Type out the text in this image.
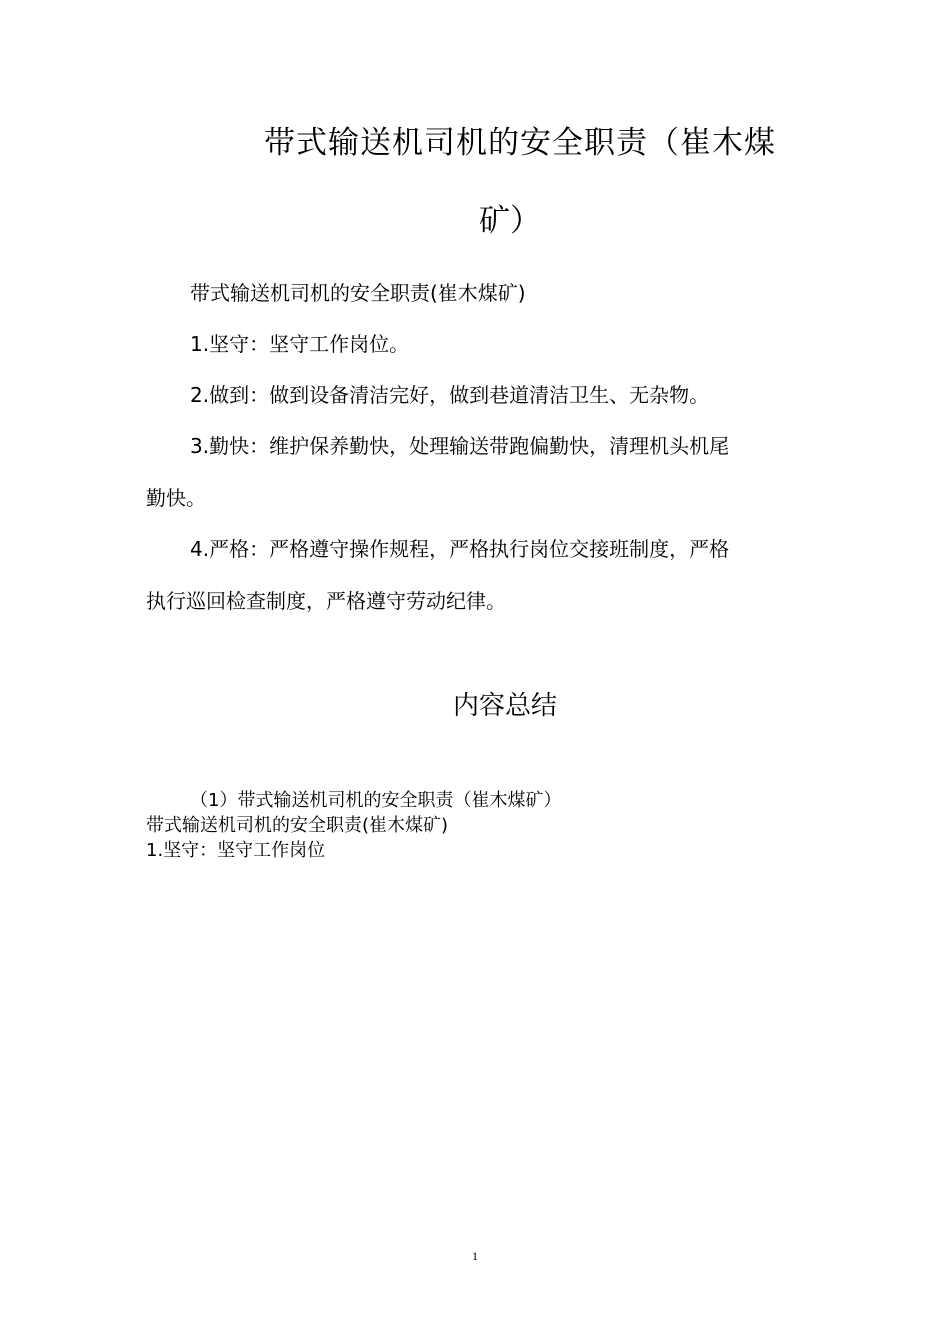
带式输送机司机的安全职责（崔木煤
矿）

带式输送机司机的安全职责(崔木煤矿)

1.坚守：坚守工作岗位。

2.做到：做到设备清洁完好，做到巷道清洁卫生、无杂物。

3.勤快：维护保养勤快，处理输送带跑偏勤快，清理机头机尾

勤快。

4.严格：严格遵守操作规程，严格执行岗位交接班制度，严格

执行巡回检查制度，严格遵守劳动纪律。

内容总结

（1）带式输送机司机的安全职责（崔木煤矿）

带式输送机司机的安全职责(崔木煤矿)

1.坚守：坚守工作岗位

1
